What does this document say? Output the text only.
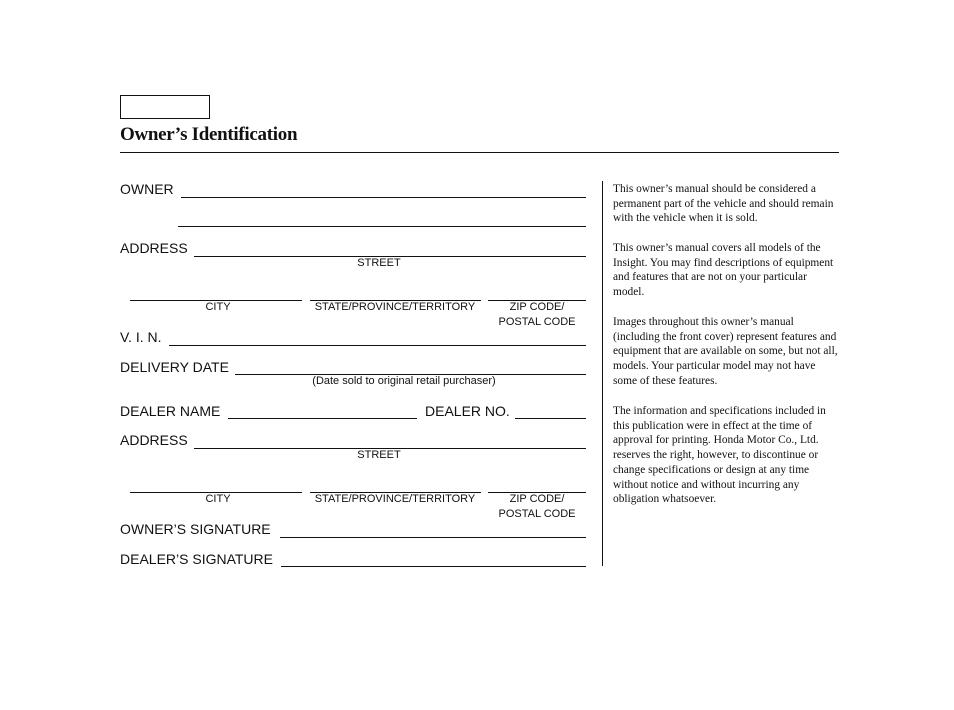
Owner’s Identification
OWNER
ADDRESS
STREET
CITY	STATE/PROVINCE/TERRITORY	ZIP CODE/
POSTAL CODE
V. I. N.
DELIVERY DATE
(Date sold to original retail purchaser)
DEALER NAME	DEALER NO.
ADDRESS
STREET
CITY	STATE/PROVINCE/TERRITORY	ZIP CODE/
POSTAL CODE
OWNER’S SIGNATURE
DEALER’S SIGNATURE
This owner’s manual should be considered a permanent part of the vehicle and should remain with the vehicle when it is sold.
This owner’s manual covers all models of the Insight. You may find descriptions of equipment and features that are not on your particular model.
Images throughout this owner’s manual (including the front cover) represent features and equipment that are available on some, but not all, models. Your particular model may not have some of these features.
The information and specifications included in this publication were in effect at the time of approval for printing. Honda Motor Co., Ltd. reserves the right, however, to discontinue or change specifications or design at any time without notice and without incurring any obligation whatsoever.
